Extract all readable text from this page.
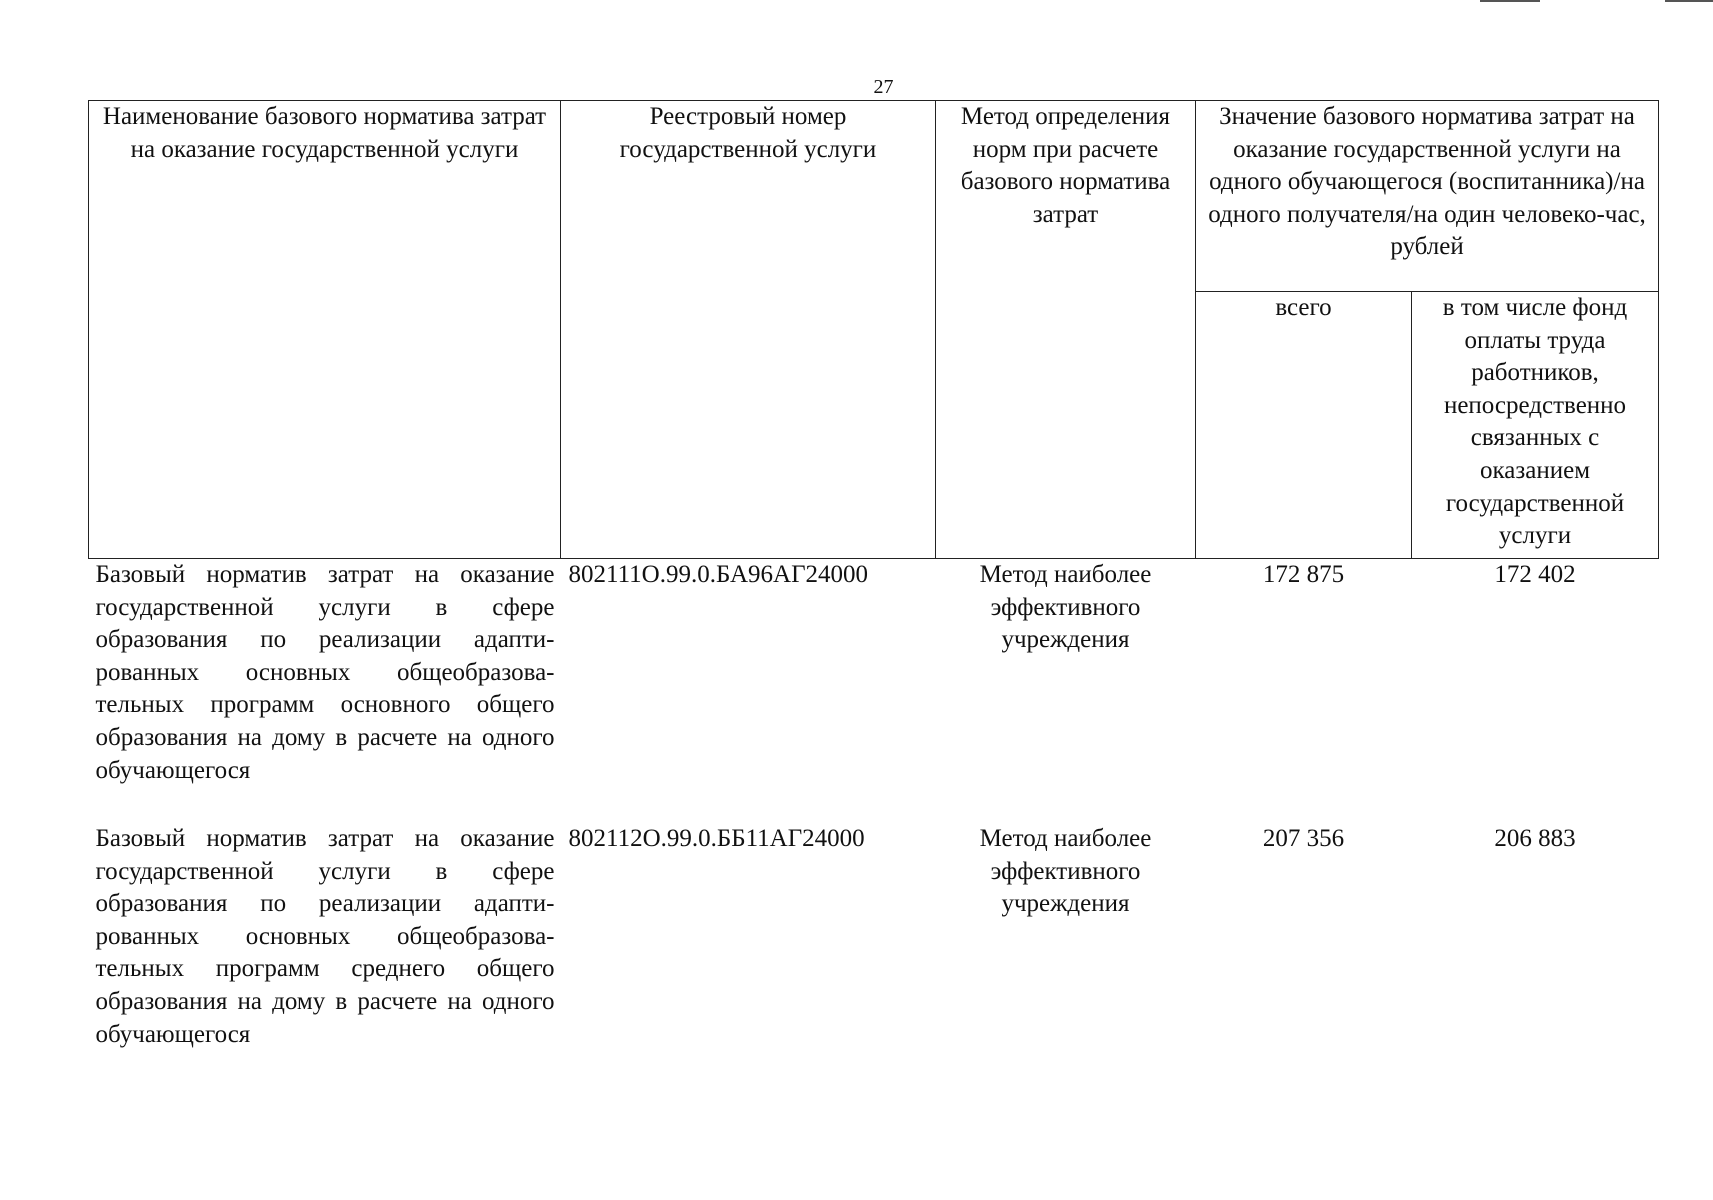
27
Наименование базового норматива затрат на оказание государственной услуги	Реестровый номер государственной услуги	Метод определения норм при расчете базового норматива затрат	Значение базового норматива затрат на оказание государственной услуги на одного обучающегося (воспитанника)/на одного получателя/на один человеко-час, рублей	
			всего	в том числе фонд оплаты труда работников, непосредственно связанных с оказанием государственной услуги
Базовый норматив затрат на оказание государственной услуги в сфере образования по реализации адапти-рованных основных общеобразова-тельных программ основного общего образования на дому в расчете на одного обучающегося	802111О.99.0.БА96АГ24000	Метод наиболее эффективного учреждения	172 875	172 402
Базовый норматив затрат на оказание государственной услуги в сфере образования по реализации адапти-рованных основных общеобразова-тельных программ среднего общего образования на дому в расчете на одного обучающегося	802112О.99.0.ББ11АГ24000	Метод наиболее эффективного учреждения	207 356	206 883
